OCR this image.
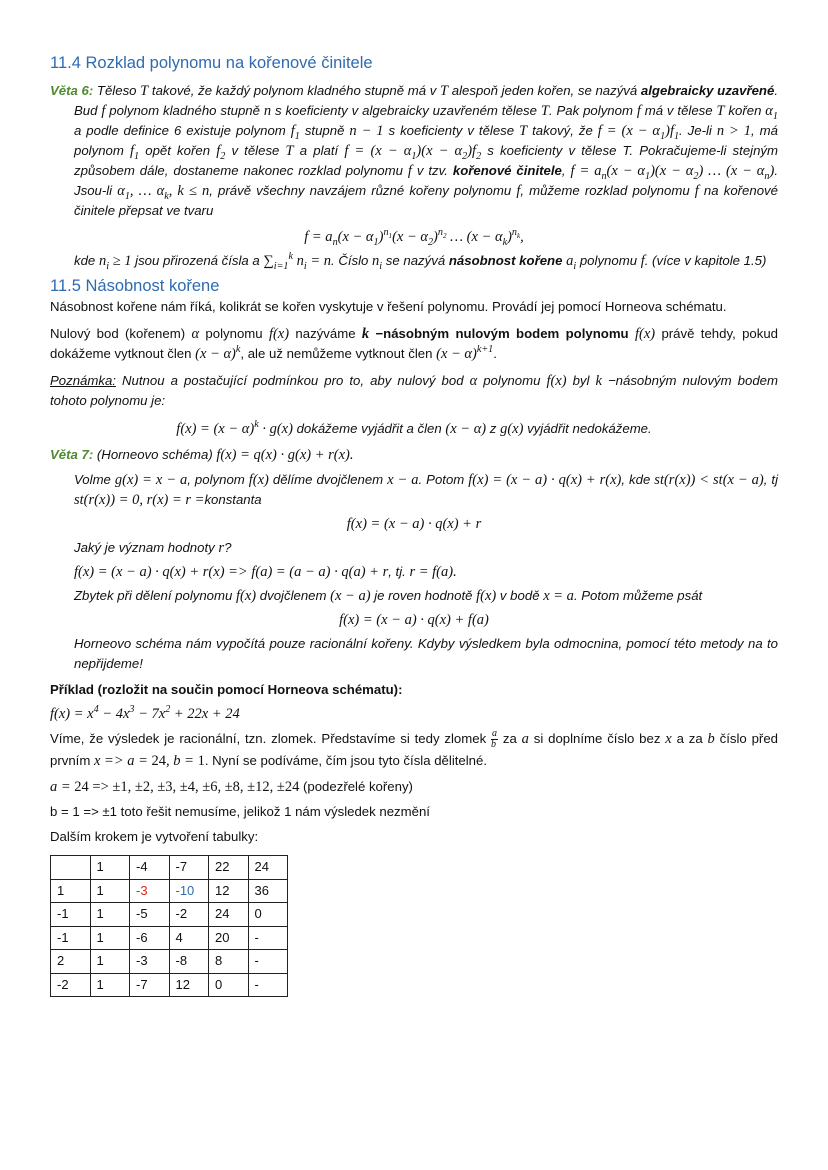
11.4 Rozklad polynomu na kořenové činitele

Věta 6: Těleso T takové, že každý polynom kladného stupně má v T alespoň jeden kořen, se nazývá algebraicky uzavřené. Bud f polynom kladného stupně n s koeficienty v algebraicky uzavřeném tělese T. Pak polynom f má v tělese T kořen $\alpha_1$ a podle definice 6 existuje polynom $f_1$ stupně n − 1 s koeficienty v tělese T takový, že $f = (x - \alpha_1)f_1$. Je-li n > 1, má polynom $f_1$ opět kořen $f_2$ v tělese T a platí $f = (x - \alpha_1)(x - \alpha_2)f_2$ s koeficienty v tělese T. Pokračujeme-li stejným způsobem dále, dostaneme nakonec rozklad polynomu f v tzv. kořenové činitele, $f = a_n(x - \alpha_1)(x - \alpha_2)$ … $(x - \alpha_n)$. Jsou-li $\alpha_1$, … $\alpha_k$, k ≤ n, právě všechny navzájem různé kořeny polynomu f, můžeme rozklad polynomu f na kořenové činitele přepsat ve tvaru

$f = a_n(x - \alpha_1)^{n_1}(x - \alpha_2)^{n_2}$ … $(x - \alpha_k)^{n_k}$,

kde $n_i \ge 1$ jsou přirozená čísla a $\sum_{i=1}^k$ $n_i = n$. Číslo $n_i$ se nazývá násobnost kořene $a_i$ polynomu f. (více v kapitole 1.5)

11.5 Násobnost kořene

Násobnost kořene nám říká, kolikrát se kořen vyskytuje v řešení polynomu. Provádí jej pomocí Horneova schématu.

Nulový bod (kořenem) α polynomu f(x) nazýváme k −násobným nulovým bodem polynomu f(x) právě tehdy, pokud dokážeme vytknout člen $(x - \alpha)^k$, ale už nemůžeme vytknout člen $(x - \alpha)^{k+1}$.

Poznámka: Nutnou a postačující podmínkou pro to, aby nulový bod α polynomu f(x) byl k −násobným nulovým bodem tohoto polynomu je:

$f(x) = (x - \alpha)^k \cdot g(x)$ dokážeme vyjádřit a člen (x − α) z g(x) vyjádřit nedokážeme.

Věta 7: (Horneovo schéma) f(x) = q(x) · g(x) + r(x).

Volme g(x) = x − a, polynom f(x) dělíme dvojčlenem x − a. Potom f(x) = (x − a) · q(x) + r(x), kde st(r(x)) < st(x − a), tj st(r(x)) = 0, r(x) = r =konstanta

f(x) = (x − a) · q(x) + r

Jaký je význam hodnoty r?

f(x) = (x − a) · q(x) + r(x) => f(a) = (a − a) · q(a) + r, tj. r = f(a).

Zbytek při dělení polynomu f(x) dvojčlenem (x − a) je roven hodnotě f(x) v bodě x = a. Potom můžeme psát

f(x) = (x − a) · q(x) + f(a)

Horneovo schéma nám vypočítá pouze racionální kořeny. Kdyby výsledkem byla odmocnina, pomocí této metody na to nepřijdeme!

Příklad (rozložit na součin pomocí Horneova schématu):

$f(x) = x^4 - 4x^3 - 7x^2 + 22x + 24$

Víme, že výsledek je racionální, tzn. zlomek. Představíme si tedy zlomek $\frac{a}{b}$ za a si doplníme číslo bez x a za b číslo před prvním x => a = 24, b = 1. Nyní se podíváme, čím jsou tyto čísla dělitelné.

a = 24 => ±1, ±2, ±3, ±4, ±6, ±8, ±12, ±24 (podezřelé kořeny)

b = 1 => ±1 toto řešit nemusíme, jelikož 1 nám výsledek nezmění

Dalším krokem je vytvoření tabulky:

	1	-4	-7	22	24
1	1	-3	-10	12	36
-1	1	-5	-2	24	0
-1	1	-6	4	20	-
2	1	-3	-8	8	-
-2	1	-7	12	0	-
